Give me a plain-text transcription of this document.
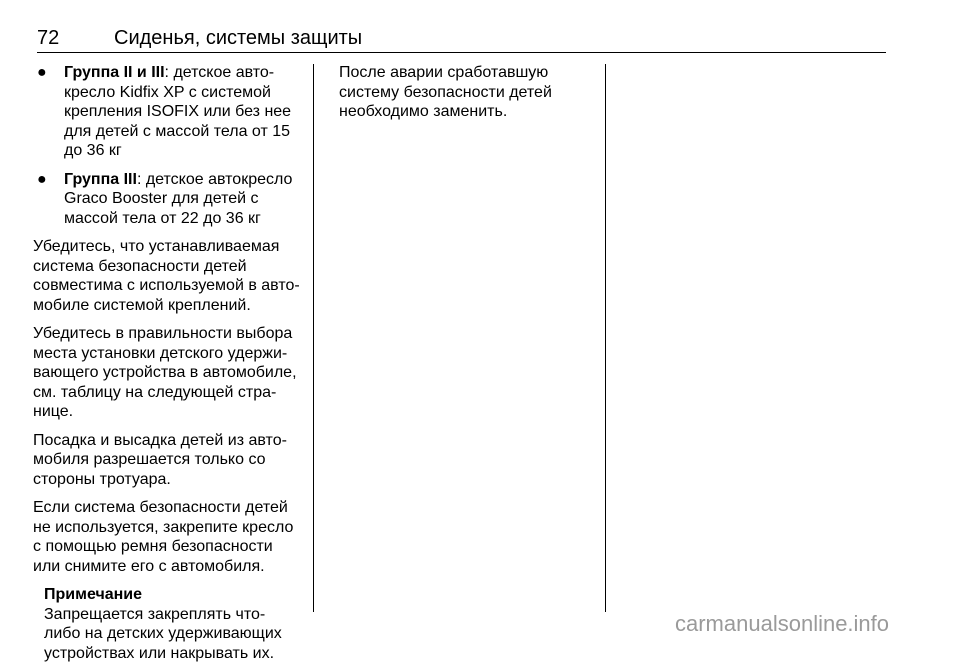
72	Сиденья, системы защиты
● Группа II и III: детское авто-
кресло Kidfix XP с системой
крепления ISOFIX или без нее
для детей с массой тела от 15
до 36 кг
● Группа III: детское автокресло
Graco Booster для детей с
массой тела от 22 до 36 кг

Убедитесь, что устанавливаемая
система безопасности детей
совместима с используемой в авто-
мобиле системой креплений.

Убедитесь в правильности выбора
места установки детского удержи-
вающего устройства в автомобиле,
см. таблицу на следующей стра-
нице.

Посадка и высадка детей из авто-
мобиля разрешается только со
стороны тротуара.

Если система безопасности детей
не используется, закрепите кресло
с помощью ремня безопасности
или снимите его с автомобиля.

Примечание
Запрещается закреплять что-
либо на детских удерживающих
устройствах или накрывать их.

После аварии сработавшую
систему безопасности детей
необходимо заменить.

carmanualsonline.info
